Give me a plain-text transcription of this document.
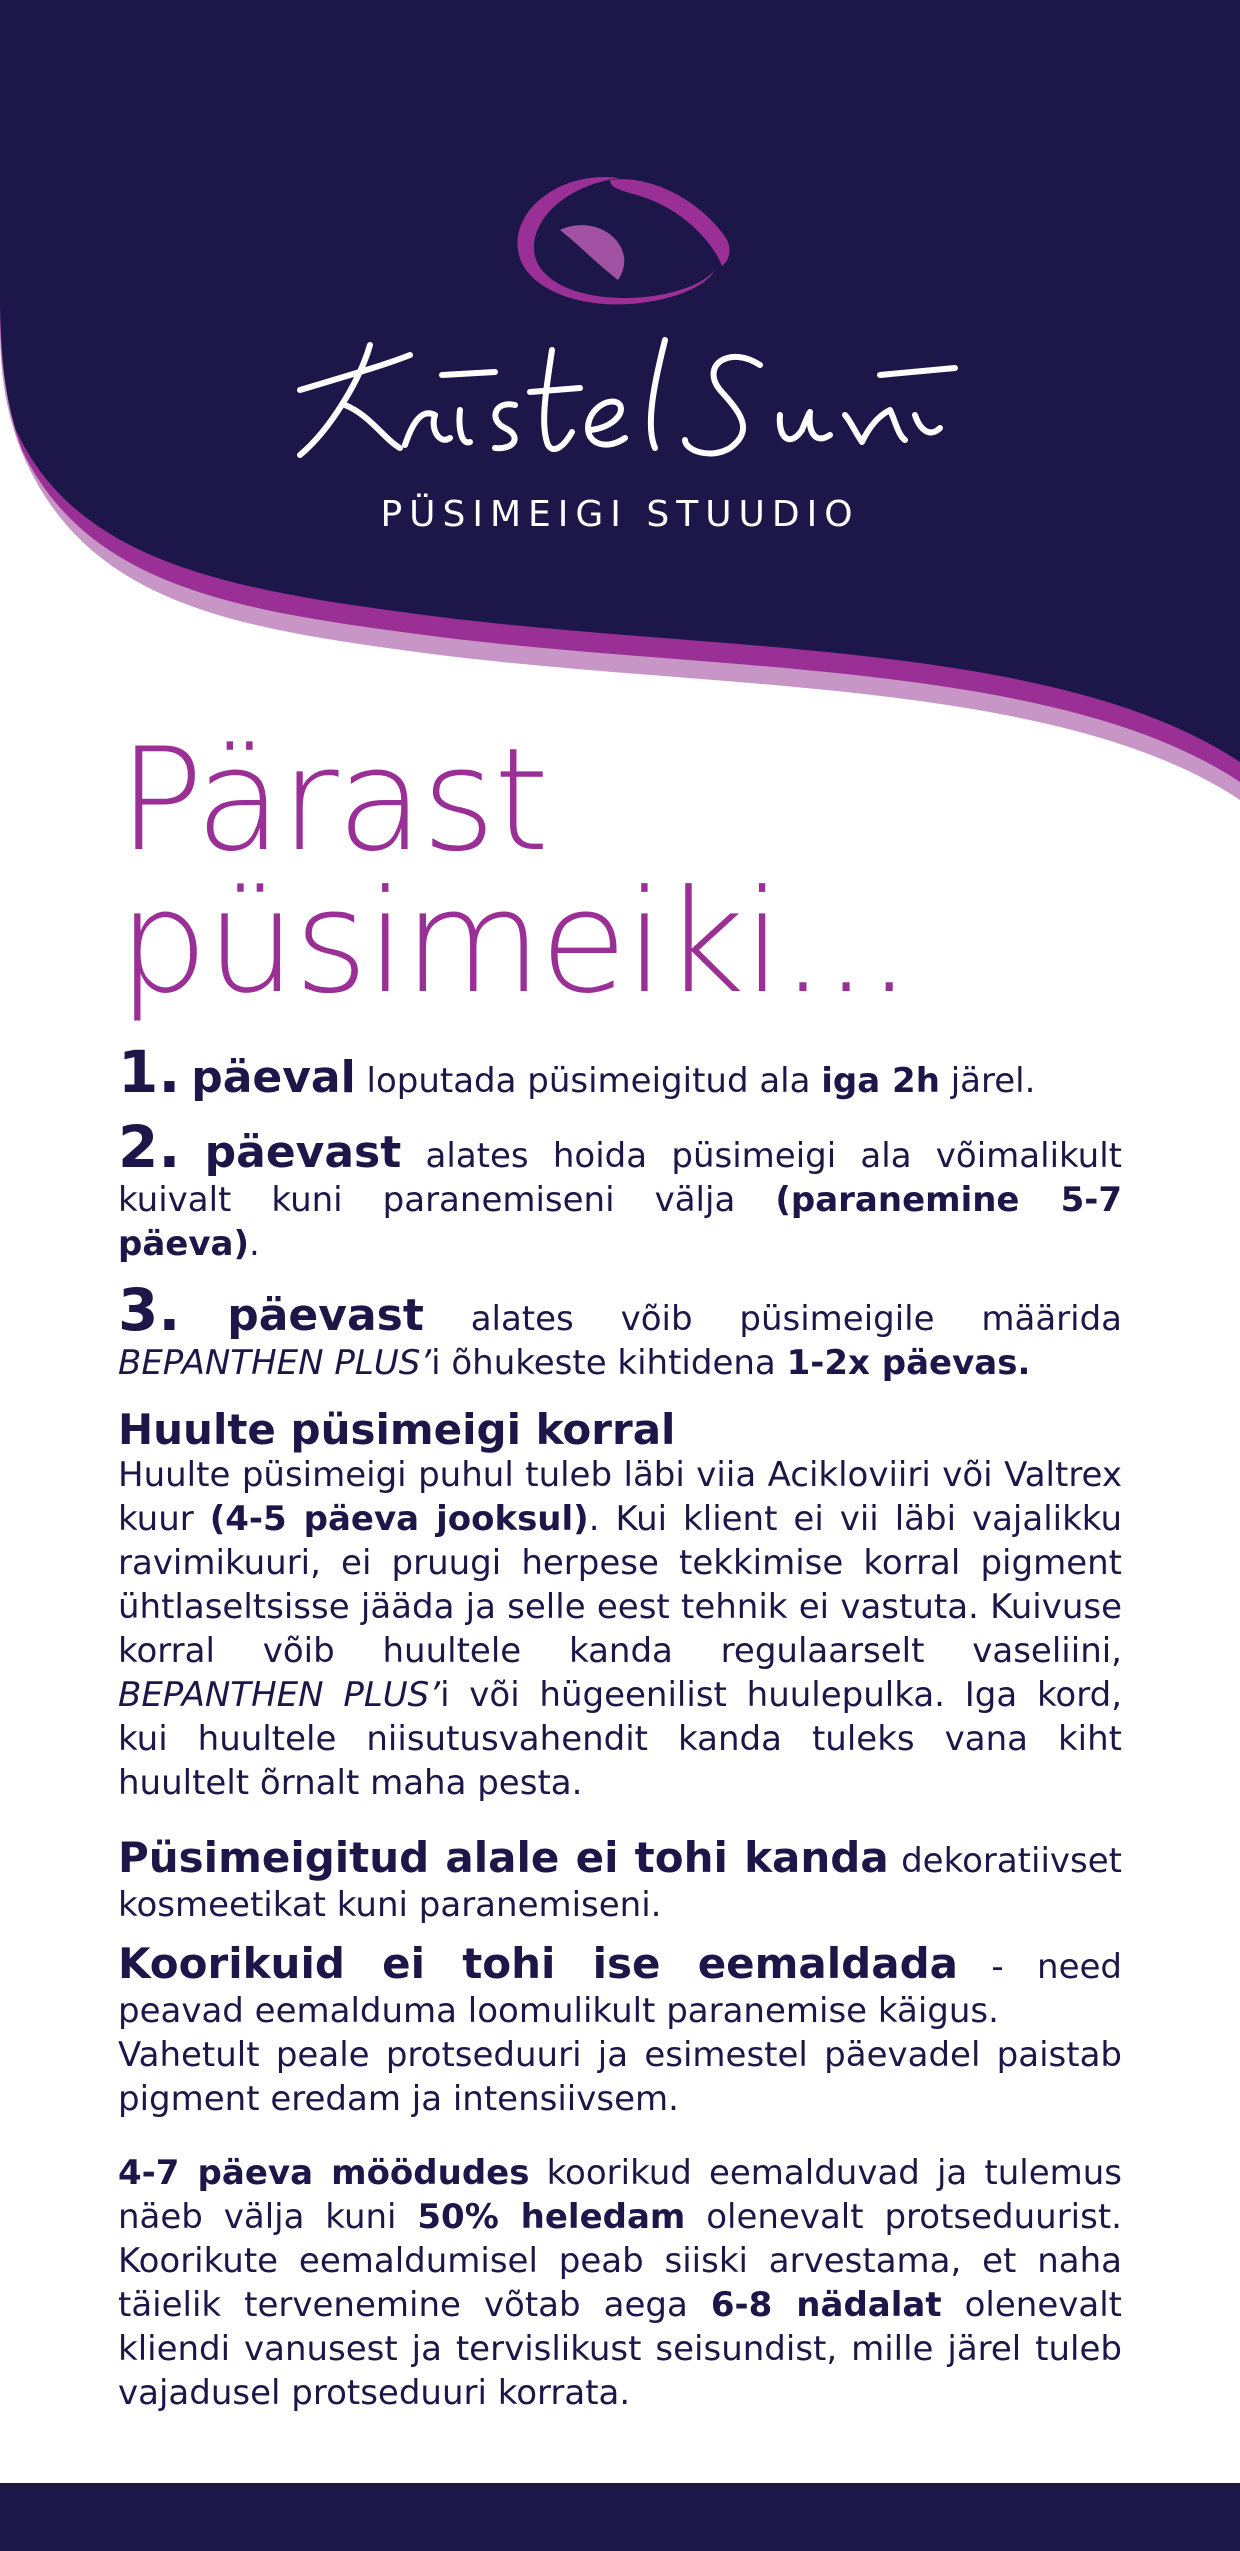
PÜSIMEIGI STUUDIO
Pärast
püsimeiki...

1. päeval loputada püsimeigitud ala iga 2h järel.

2. päevast alates hoida püsimeigi ala võimalikult kuivalt kuni paranemiseni välja (paranemine 5-7 päeva).

3. päevast alates võib püsimeigile määrida BEPANTHEN PLUS’i õhukeste kihtidena 1-2x päevas.

Huulte püsimeigi korral

Huulte püsimeigi puhul tuleb läbi viia Acikloviiri või Valtrex kuur (4-5 päeva jooksul). Kui klient ei vii läbi vajalikku ravimikuuri, ei pruugi herpese tekkimise korral pigment ühtlaseltsisse jääda ja selle eest tehnik ei vastuta. Kuivuse korral võib huultele kanda regulaarselt vaseliini, BEPANTHEN PLUS’i või hügeenilist huulepulka. Iga kord, kui huultele niisutusvahendit kanda tuleks vana kiht huultelt õrnalt maha pesta.

Püsimeigitud alale ei tohi kanda dekoratiivset kosmeetikat kuni paranemiseni.

Koorikuid ei tohi ise eemaldada - need peavad eemalduma loomulikult paranemise käigus.

Vahetult peale protseduuri ja esimestel päevadel paistab pigment eredam ja intensiivsem.

4-7 päeva möödudes koorikud eemalduvad ja tulemus näeb välja kuni 50% heledam olenevalt protseduurist. Koorikute eemaldumisel peab siiski arvestama, et naha täielik tervenemine võtab aega 6-8 nädalat olenevalt kliendi vanusest ja tervislikust seisundist, mille järel tuleb vajadusel protseduuri korrata.
